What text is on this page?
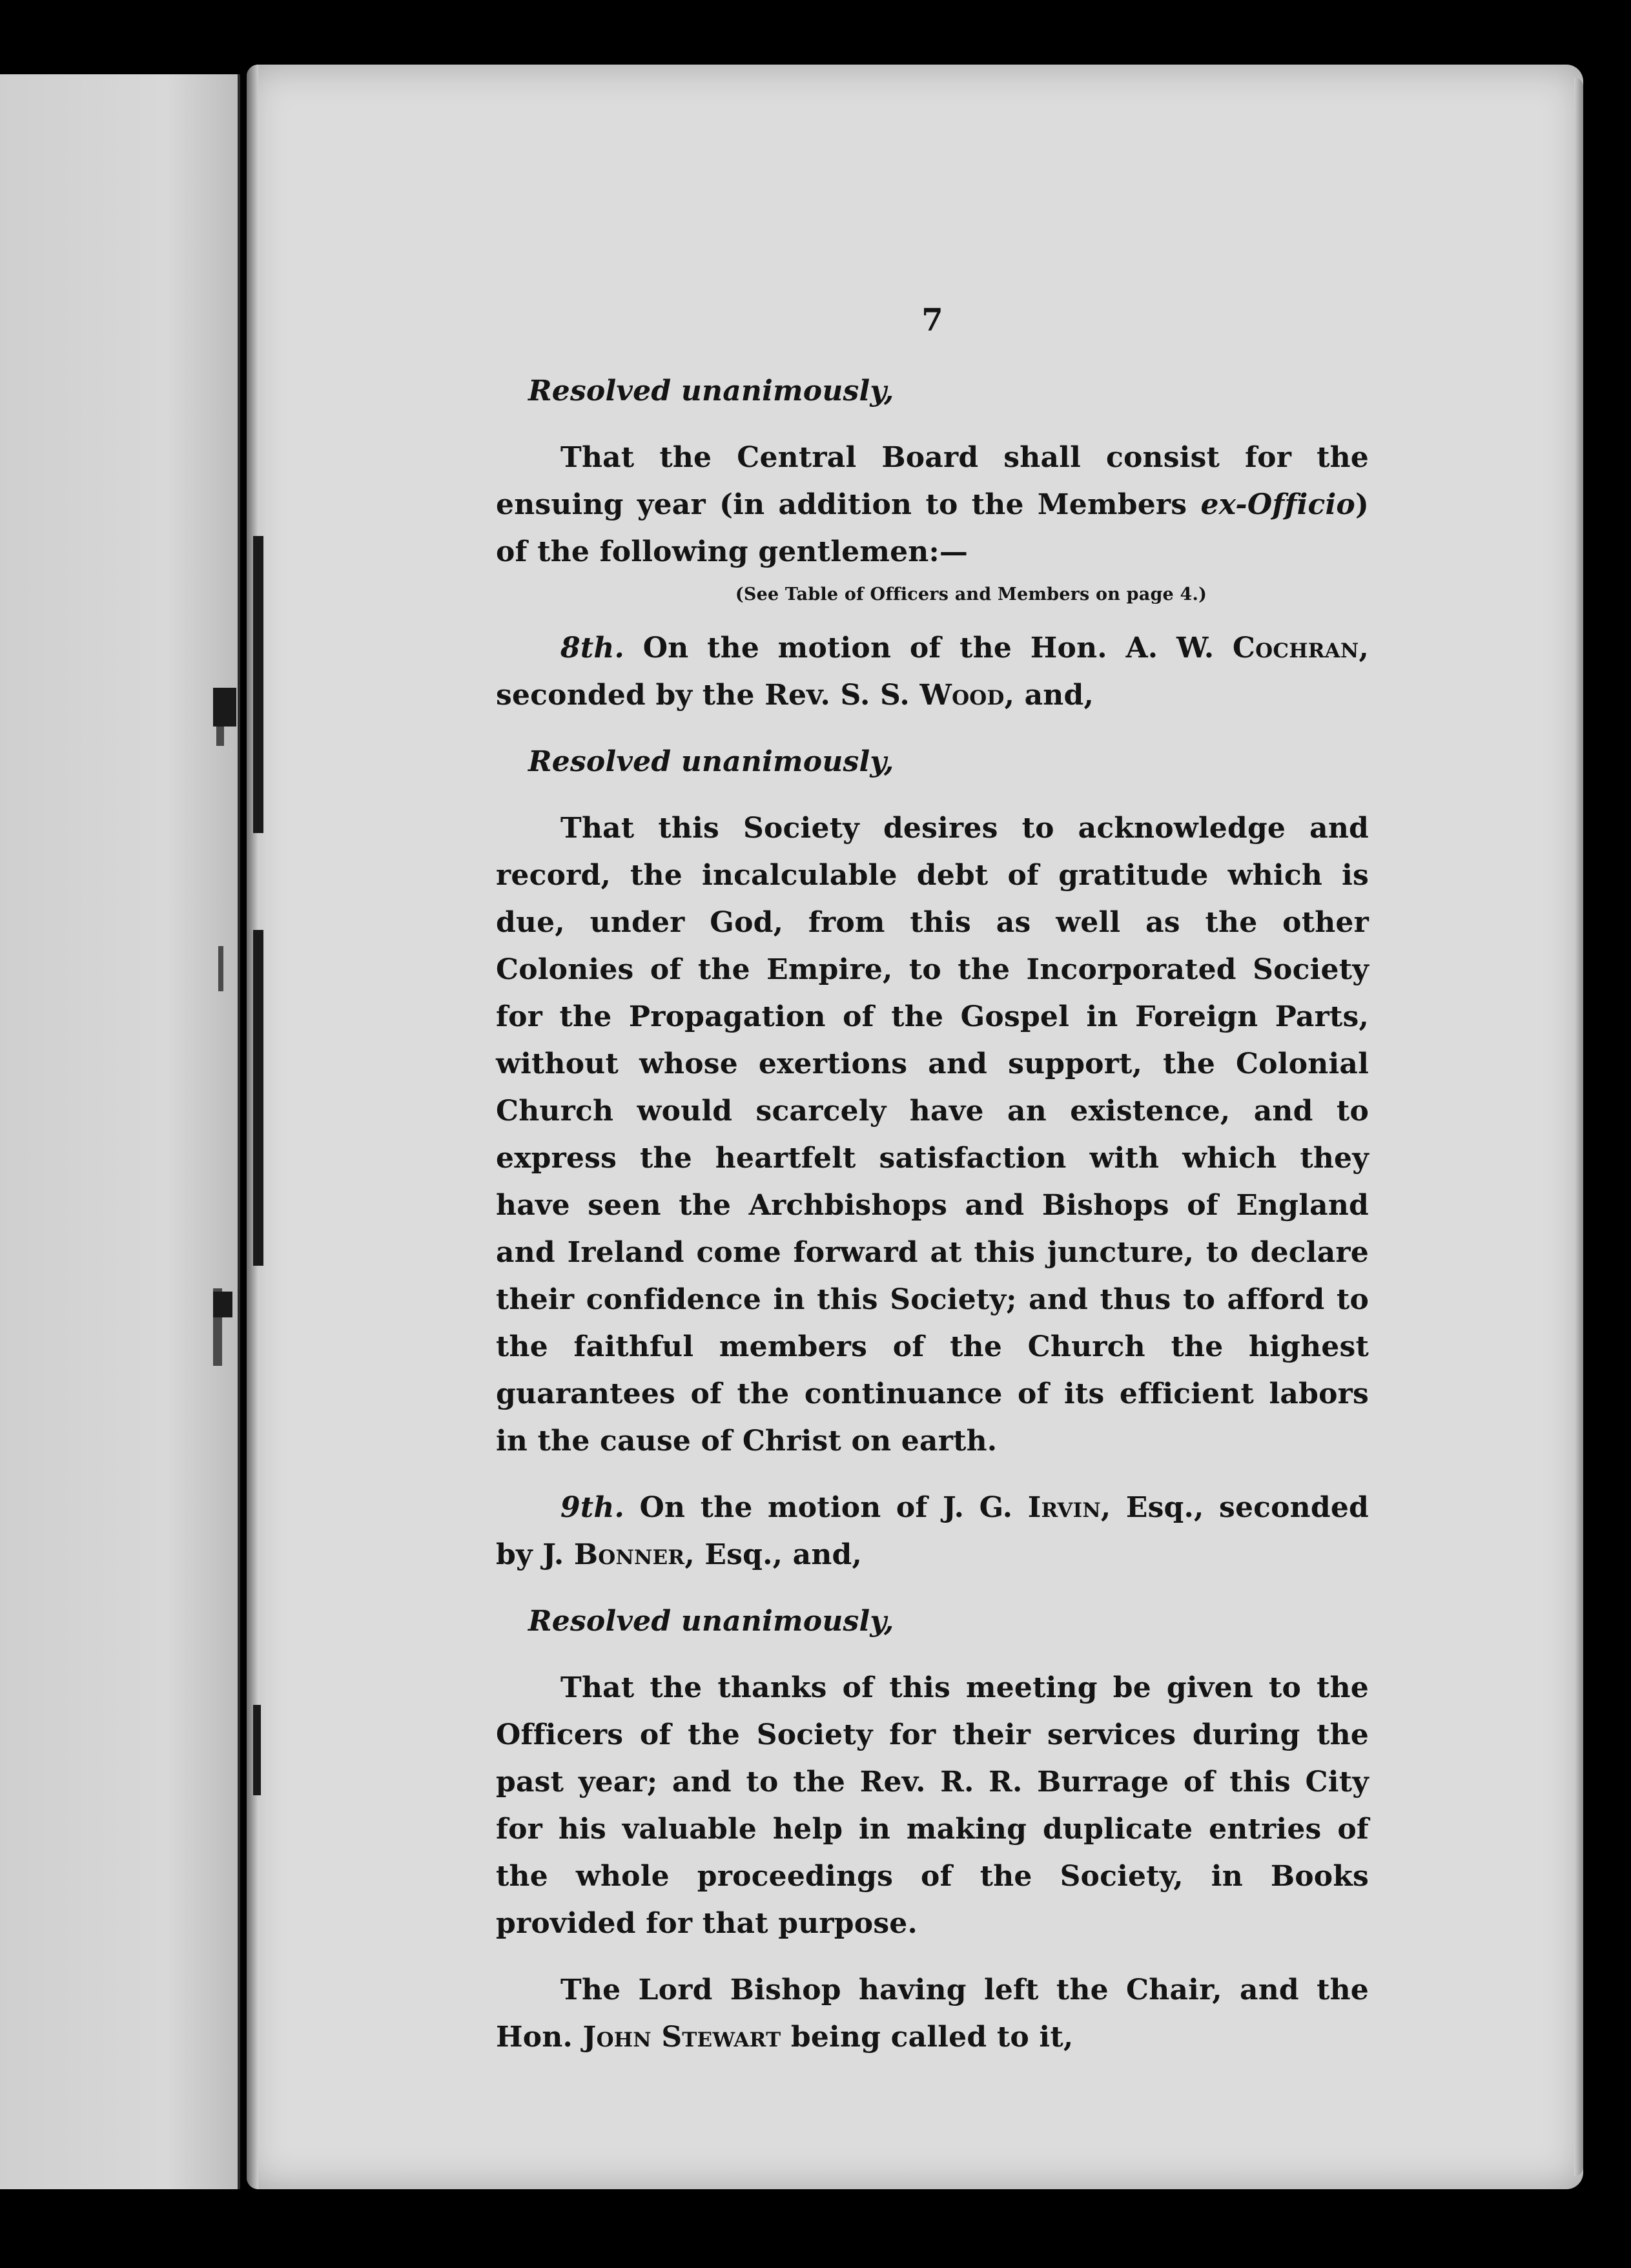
7
Resolved unanimously,
That the Central Board shall consist for the ensuing year (in addition to the Members ex-Officio) of the following gentlemen:—
(See Table of Officers and Members on page 4.)
8th. On the motion of the Hon. A. W. Cochran, seconded by the Rev. S. S. Wood, and,
Resolved unanimously,
That this Society desires to acknowledge and record, the incalculable debt of gratitude which is due, under God, from this as well as the other Colonies of the Empire, to the Incorporated Society for the Propagation of the Gospel in Foreign Parts, without whose exertions and support, the Colonial Church would scarcely have an existence, and to express the heartfelt satisfaction with which they have seen the Archbishops and Bishops of England and Ireland come forward at this juncture, to declare their confidence in this Society; and thus to afford to the faithful members of the Church the highest guarantees of the continuance of its efficient labors in the cause of Christ on earth.
9th. On the motion of J. G. Irvin, Esq., seconded by J. Bonner, Esq., and,
Resolved unanimously,
That the thanks of this meeting be given to the Officers of the Society for their services during the past year; and to the Rev. R. R. Burrage of this City for his valuable help in making duplicate entries of the whole proceedings of the Society, in Books provided for that purpose.
The Lord Bishop having left the Chair, and the Hon. John Stewart being called to it,
